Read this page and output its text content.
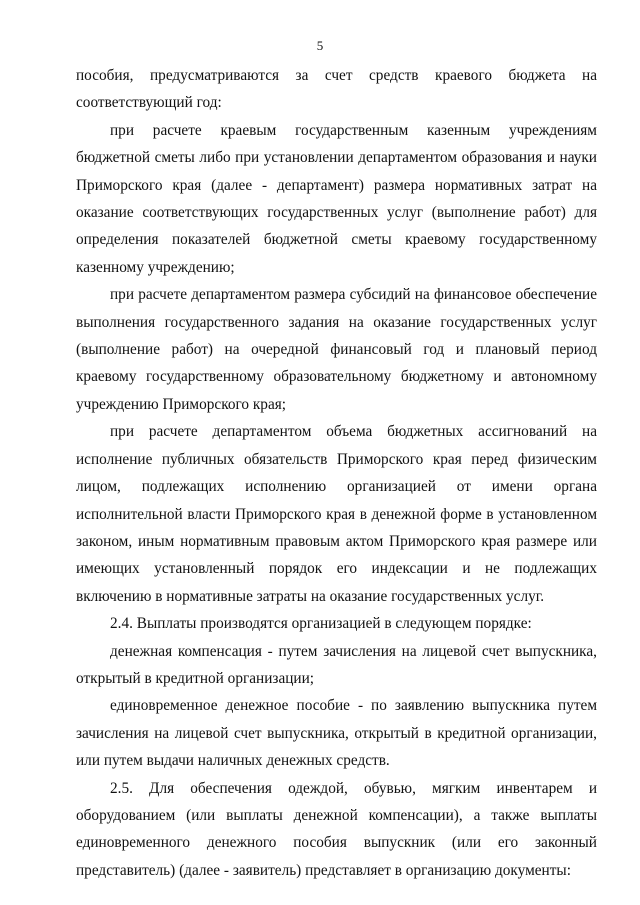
5

пособия, предусматриваются за счет средств краевого бюджета на соответствующий год:

при расчете краевым государственным казенным учреждениям бюджетной сметы либо при установлении департаментом образования и науки Приморского края (далее - департамент) размера нормативных затрат на оказание соответствующих государственных услуг (выполнение работ) для определения показателей бюджетной сметы краевому государственному казенному учреждению;

при расчете департаментом размера субсидий на финансовое обеспечение выполнения государственного задания на оказание государственных услуг (выполнение работ) на очередной финансовый год и плановый период краевому государственному образовательному бюджетному и автономному учреждению Приморского края;

при расчете департаментом объема бюджетных ассигнований на исполнение публичных обязательств Приморского края перед физическим лицом, подлежащих исполнению организацией от имени органа исполнительной власти Приморского края в денежной форме в установленном законом, иным нормативным правовым актом Приморского края размере или имеющих установленный порядок его индексации и не подлежащих включению в нормативные затраты на оказание государственных услуг.

2.4. Выплаты производятся организацией в следующем порядке:

денежная компенсация - путем зачисления на лицевой счет выпускника, открытый в кредитной организации;

единовременное денежное пособие - по заявлению выпускника путем зачисления на лицевой счет выпускника, открытый в кредитной организации, или путем выдачи наличных денежных средств.

2.5. Для обеспечения одеждой, обувью, мягким инвентарем и оборудованием (или выплаты денежной компенсации), а также выплаты единовременного денежного пособия выпускник (или его законный представитель) (далее - заявитель) представляет в организацию документы:
